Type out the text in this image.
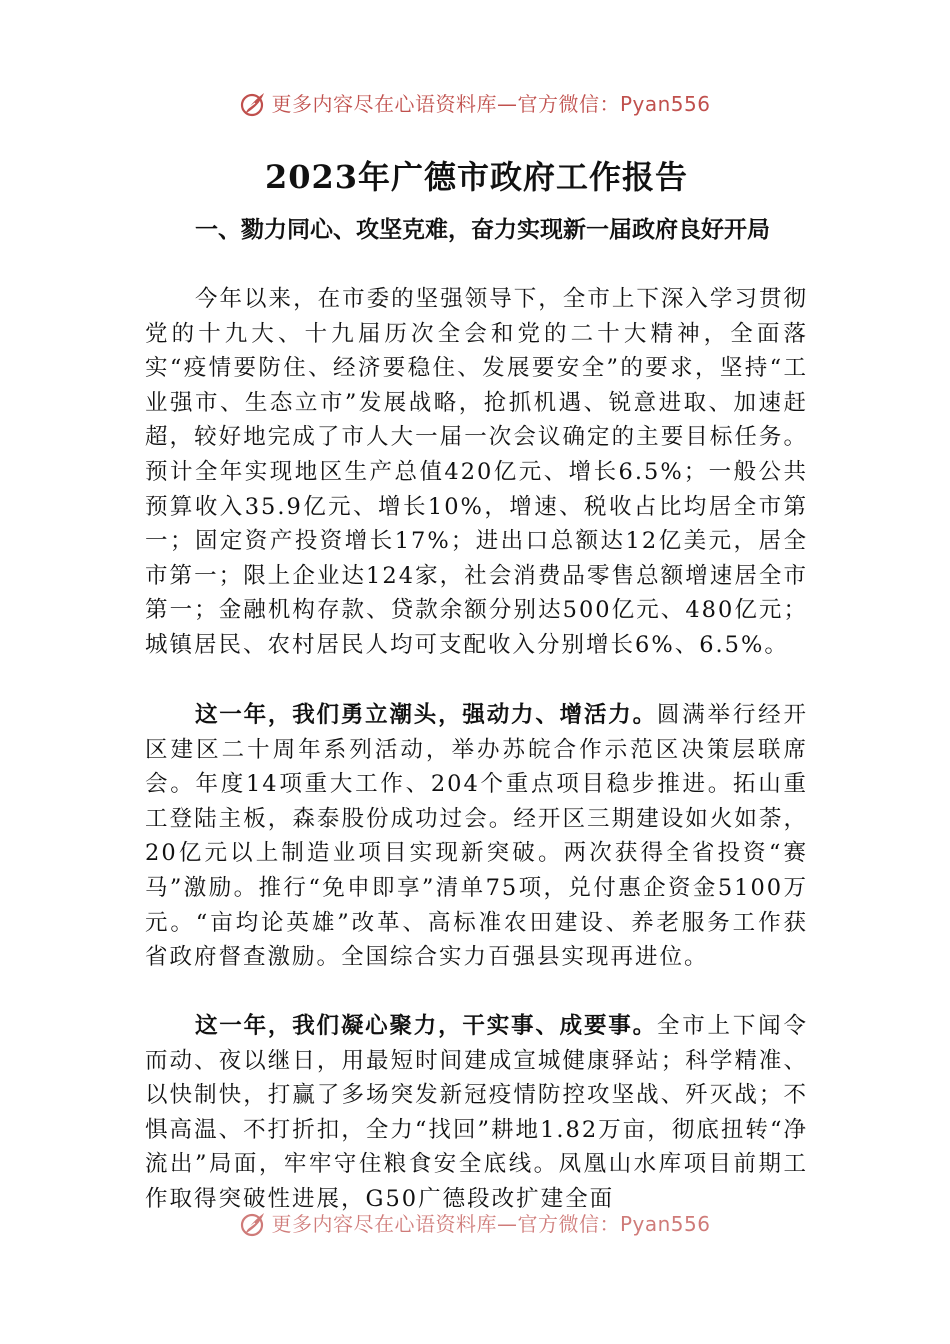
更多内容尽在心语资料库—官方微信：Pyan556
2023年广德市政府工作报告

一、勠力同心、攻坚克难，奋力实现新一届政府良好开局

今年以来，在市委的坚强领导下，全市上下深入学习贯彻党的十九大、十九届历次全会和党的二十大精神，全面落实“疫情要防住、经济要稳住、发展要安全”的要求，坚持“工业强市、生态立市”发展战略，抢抓机遇、锐意进取、加速赶超，较好地完成了市人大一届一次会议确定的主要目标任务。预计全年实现地区生产总值420亿元、增长6.5%；一般公共预算收入35.9亿元、增长10%，增速、税收占比均居全市第一；固定资产投资增长17%；进出口总额达12亿美元，居全市第一；限上企业达124家，社会消费品零售总额增速居全市第一；金融机构存款、贷款余额分别达500亿元、480亿元；城镇居民、农村居民人均可支配收入分别增长6%、6.5%。

这一年，我们勇立潮头，强动力、增活力。圆满举行经开区建区二十周年系列活动，举办苏皖合作示范区决策层联席会。年度14项重大工作、204个重点项目稳步推进。拓山重工登陆主板，森泰股份成功过会。经开区三期建设如火如荼，20亿元以上制造业项目实现新突破。两次获得全省投资“赛马”激励。推行“免申即享”清单75项，兑付惠企资金5100万元。“亩均论英雄”改革、高标准农田建设、养老服务工作获省政府督查激励。全国综合实力百强县实现再进位。

这一年，我们凝心聚力，干实事、成要事。全市上下闻令而动、夜以继日，用最短时间建成宣城健康驿站；科学精准、以快制快，打赢了多场突发新冠疫情防控攻坚战、歼灭战；不惧高温、不打折扣，全力“找回”耕地1.82万亩，彻底扭转“净流出”局面，牢牢守住粮食安全底线。凤凰山水库项目前期工作取得突破性进展，G50广德段改扩建全面

更多内容尽在心语资料库—官方微信：Pyan556
